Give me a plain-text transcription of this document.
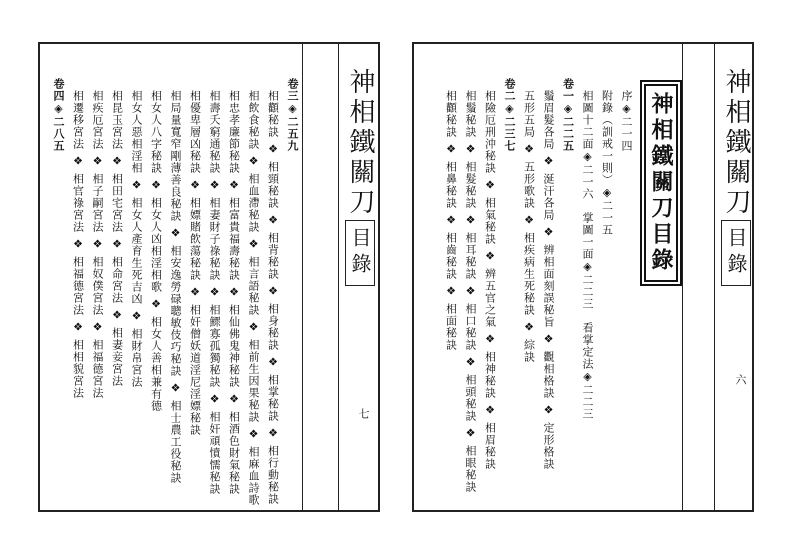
神相鐵關刀
目錄
七
卷三◈二五九
相顴秘訣 ❖ 相頸秘訣 ❖ 相背秘訣 ❖ 相身秘訣 ❖ 相掌秘訣 ❖ 相行動秘訣
相飲食秘訣 ❖ 相血滯秘訣 ❖ 相言語秘訣 ❖ 相前生因果秘訣 ❖ 相麻血詩歌
相忠孝廉節秘訣 ❖ 相富貴福壽秘訣 ❖ 相仙佛鬼神秘訣 ❖ 相酒色財氣秘訣
相壽夭窮通秘訣 ❖ 相妻財子祿秘訣 ❖ 相鰥寡孤獨秘訣 ❖ 相奸頑憤懦秘訣
相優卑層凶秘訣 ❖ 相嫖賭飲蕩秘訣 ❖ 相奸僧妖道淫尼淫嫖秘訣
相局量寬窄剛薄善良秘訣 ❖ 相安逸勞碌聰敏伎巧秘訣 ❖ 相士農工役秘訣
相女人八字秘訣 ❖ 相女人凶相淫相歌 ❖ 相女人善相兼有德
相女人惡相淫相 ❖ 相女人產育生死吉凶 ❖ 相財帛宮法
相昆玉宮法 ❖ 相田宅宮法 ❖ 相命宮法 ❖ 相妻妾宮法
相疾厄宮法 ❖ 相子嗣宮法 ❖ 相奴僕宮法 ❖ 相福德宮法
相遷移宮法 ❖ 相官祿宮法 ❖ 相福德宮法 ❖ 相相貌宮法
卷四◈二八五	神相鐵關刀目錄 神相鐵關刀
目錄
六
序◈二一四
附錄（訓戒一則）◈二一五
相圖十二面◈二一六　掌圖一面◈二二三　看掌定法◈二二三
卷一◈二二五
鬚眉髮各局 ❖ 涎汗各局 ❖ 辨相面刻誤秘旨 ❖ 觀相格訣 ❖ 定形格訣
五形五局 ❖ 五形歌訣 ❖ 相疾病生死秘訣 ❖ 綜訣
卷二◈二三七
相險厄刑沖秘訣 ❖ 相氣秘訣 ❖ 辨五官之氣 ❖ 相神秘訣 ❖ 相眉秘訣
相鬚秘訣 ❖ 相髮秘訣 ❖ 相耳秘訣 ❖ 相口秘訣 ❖ 相頭秘訣 ❖ 相眼秘訣
相顴秘訣 ❖ 相鼻秘訣 ❖ 相齒秘訣 ❖ 相面秘訣
